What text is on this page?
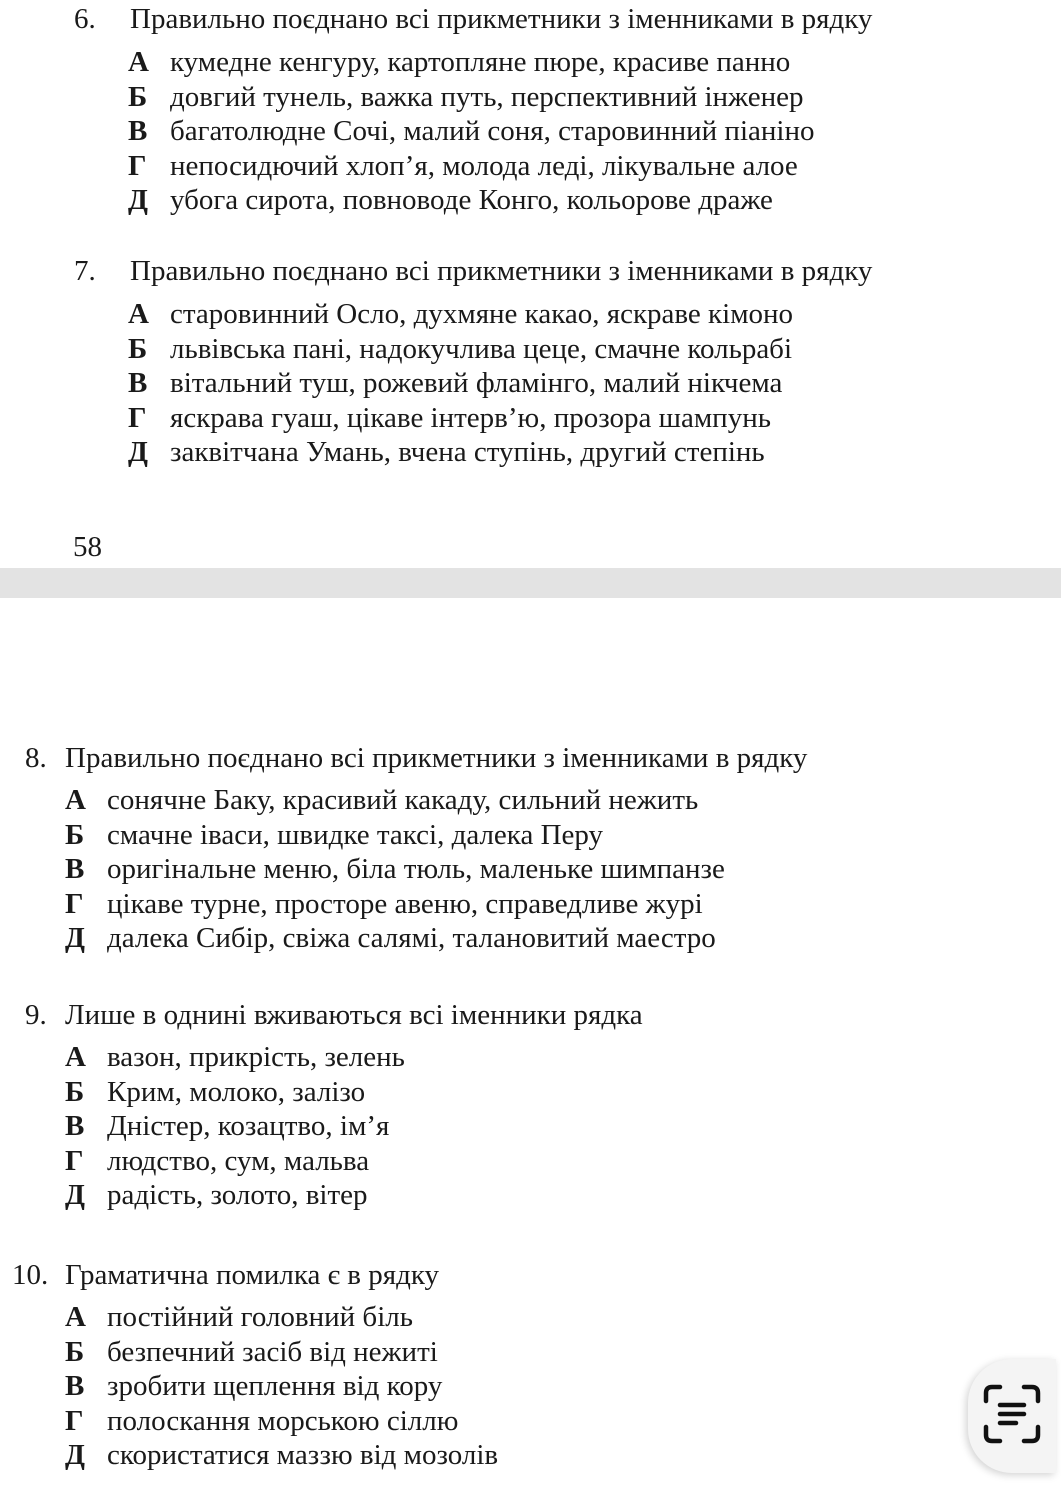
6.	Правильно поєднано всі прикметники з іменниками в рядку
А кумедне кенгуру, картопляне пюре, красиве панно
Б довгий тунель, важка путь, перспективний інженер
В багатолюдне Сочі, малий соня, старовинний піаніно
Г непосидючий хлоп’я, молода леді, лікувальне алое
Д убога сирота, повноводе Конго, кольорове драже
7.	Правильно поєднано всі прикметники з іменниками в рядку
А старовинний Осло, духмяне какао, яскраве кімоно
Б львівська пані, надокучлива цеце, смачне кольрабі
В вітальний туш, рожевий фламінго, малий нікчема
Г яскрава гуаш, цікаве інтерв’ю, прозора шампунь
Д заквітчана Умань, вчена ступінь, другий степінь
58
8. Правильно поєднано всі прикметники з іменниками в рядку
А сонячне Баку, красивий какаду, сильний нежить
Б смачне іваси, швидке таксі, далека Перу
В оригінальне меню, біла тюль, маленьке шимпанзе
Г цікаве турне, просторе авеню, справедливе журі
Д далека Сибір, свіжа салямі, талановитий маестро
9. Лише в однині вживаються всі іменники рядка
А вазон, прикрість, зелень
Б Крим, молоко, залізо
В Дністер, козацтво, ім’я
Г людство, сум, мальва
Д радість, золото, вітер
10. Граматична помилка є в рядку
А постійний головний біль
Б безпечний засіб від нежиті
В зробити щеплення від кору
Г полоскання морською сіллю
Д скористатися маззю від мозолів
